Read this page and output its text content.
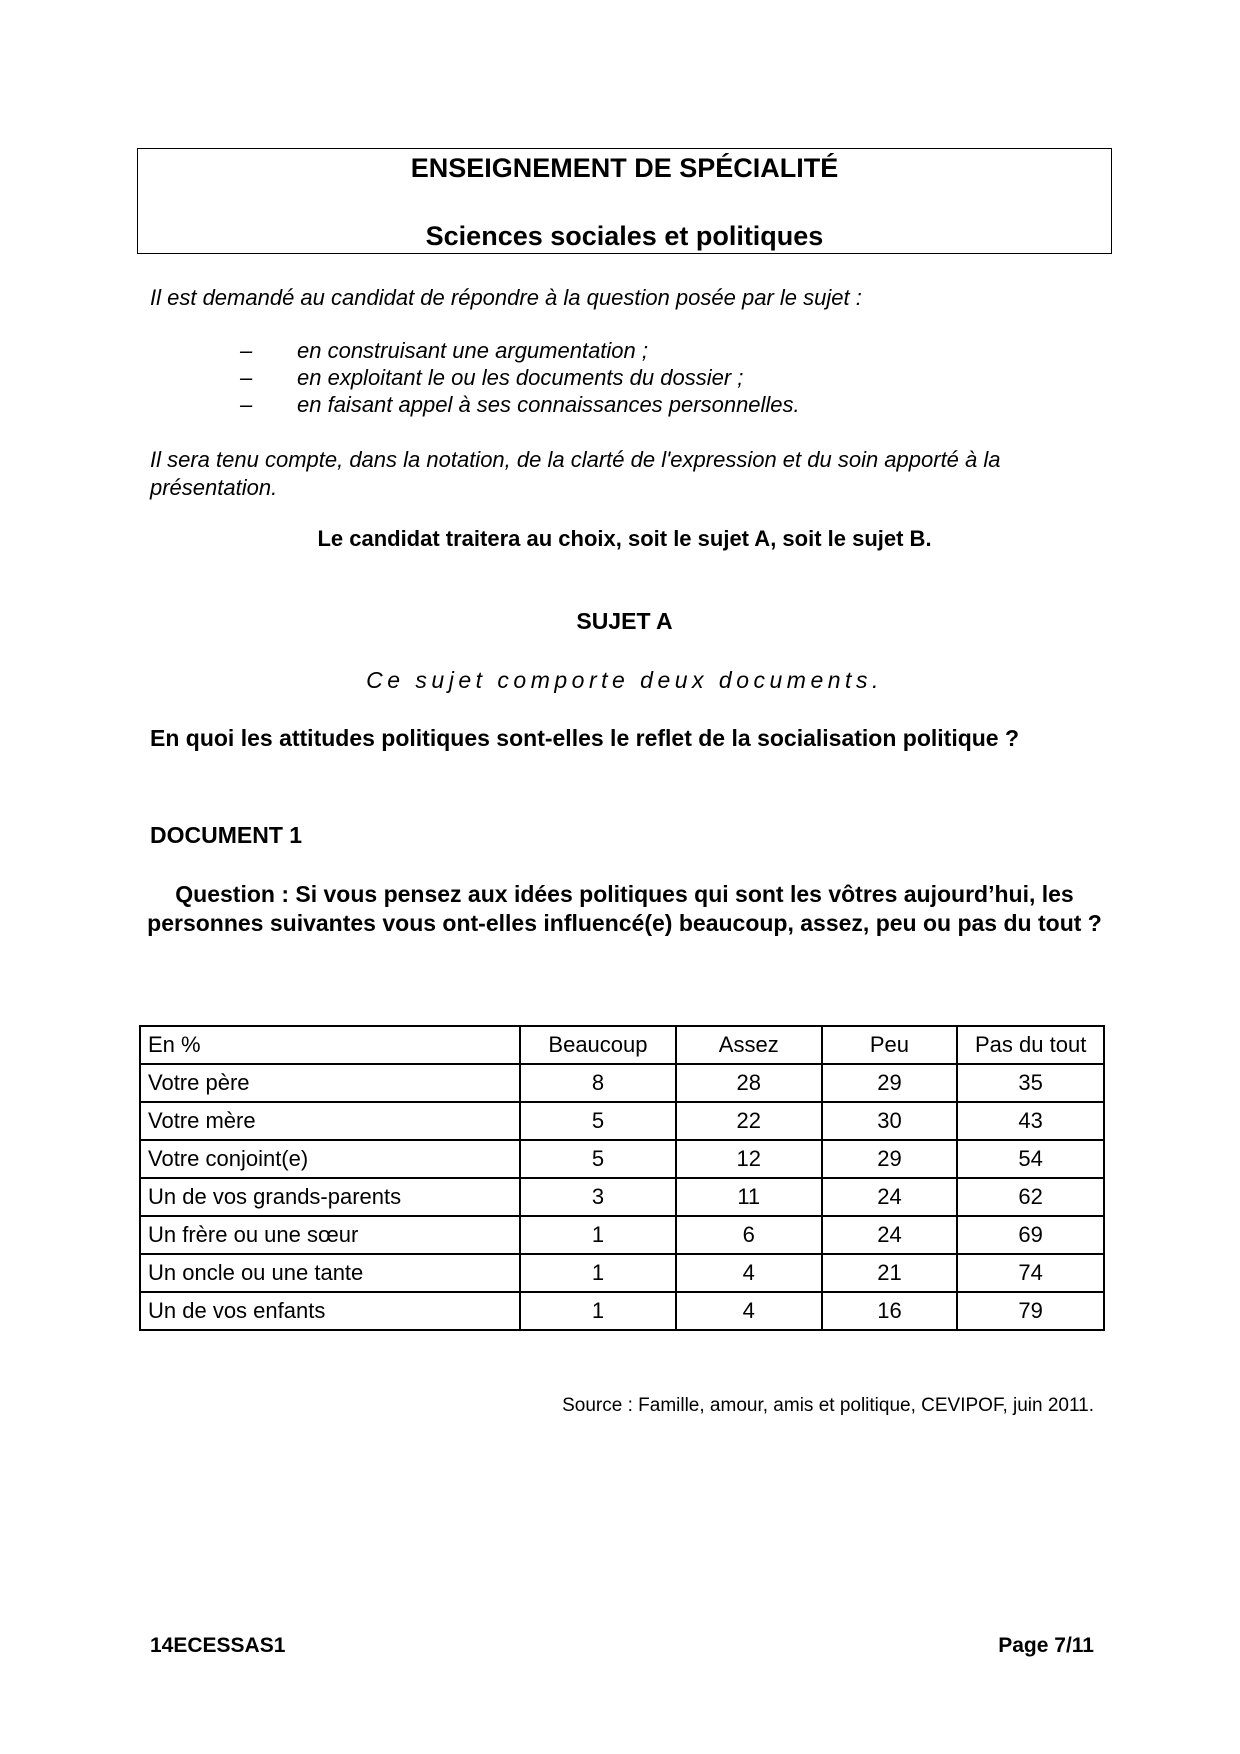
ENSEIGNEMENT DE SPÉCIALITÉ
Sciences sociales et politiques
Il est demandé au candidat de répondre à la question posée par le sujet :
– en construisant une argumentation ;
– en exploitant le ou les documents du dossier ;
– en faisant appel à ses connaissances personnelles.
Il sera tenu compte, dans la notation, de la clarté de l'expression et du soin apporté à la présentation.
Le candidat traitera au choix, soit le sujet A, soit le sujet B.
SUJET A
Ce sujet comporte deux documents.
En quoi les attitudes politiques sont-elles le reflet de la socialisation politique ?
DOCUMENT 1
Question : Si vous pensez aux idées politiques qui sont les vôtres aujourd’hui, les personnes suivantes vous ont-elles influencé(e) beaucoup, assez, peu ou pas du tout ?
En %	Beaucoup	Assez	Peu	Pas du tout
Votre père	8	28	29	35
Votre mère	5	22	30	43
Votre conjoint(e)	5	12	29	54
Un de vos grands-parents	3	11	24	62
Un frère ou une sœur	1	6	24	69
Un oncle ou une tante	1	4	21	74
Un de vos enfants	1	4	16	79
Source : Famille, amour, amis et politique, CEVIPOF, juin 2011.
14ECESSAS1	Page 7/11
